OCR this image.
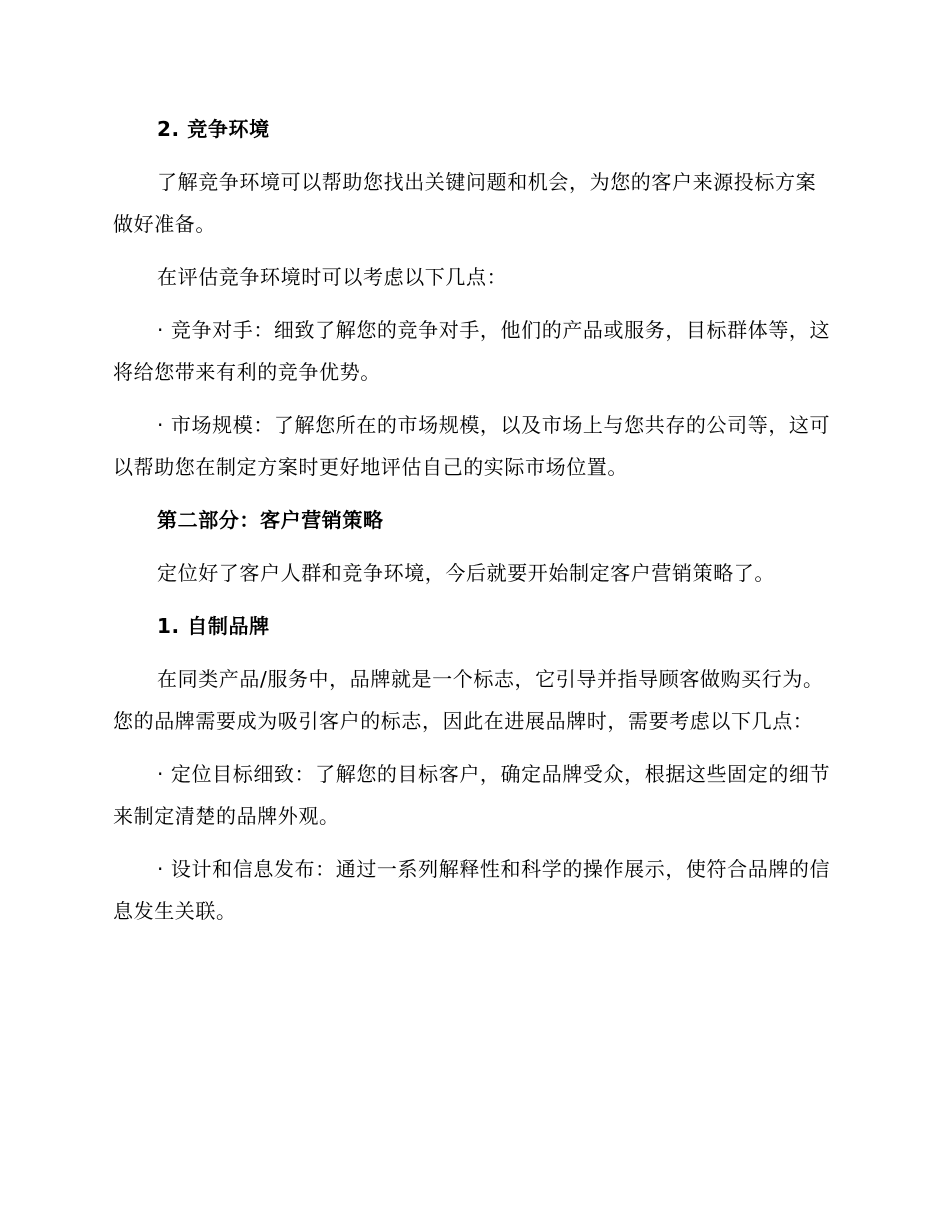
2. 竞争环境

了解竞争环境可以帮助您找出关键问题和机会，为您的客户来源投标方案做好准备。

在评估竞争环境时可以考虑以下几点：

· 竞争对手：细致了解您的竞争对手，他们的产品或服务，目标群体等，这将给您带来有利的竞争优势。

· 市场规模：了解您所在的市场规模，以及市场上与您共存的公司等，这可以帮助您在制定方案时更好地评估自己的实际市场位置。

第二部分：客户营销策略

定位好了客户人群和竞争环境，今后就要开始制定客户营销策略了。

1. 自制品牌

在同类产品/服务中，品牌就是一个标志，它引导并指导顾客做购买行为。您的品牌需要成为吸引客户的标志，因此在进展品牌时，需要考虑以下几点：

· 定位目标细致：了解您的目标客户，确定品牌受众，根据这些固定的细节来制定清楚的品牌外观。

· 设计和信息发布：通过一系列解释性和科学的操作展示，使符合品牌的信息发生关联。
